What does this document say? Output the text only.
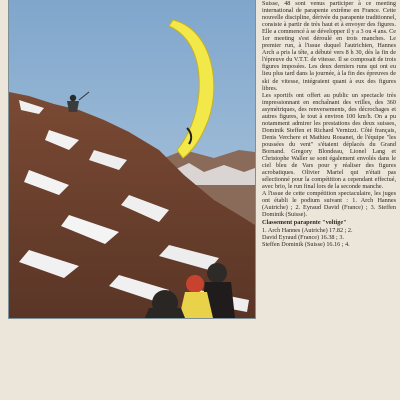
Suisse, 48 sont venus participer à ce meeting international de parapente extrême en France. Cette nouvelle discipline, dérivée du parapente traditionnel, consiste à partir de très haut et à envoyer des figures. Elle a commencé à se développer il y a 3 ou 4 ans. Ce 1er meeting s'est déroulé en trois manches. Le premier run, à l'issue duquel l'autrichien, Hannes Arch a pris la tête, a débuté vers 8 h 30, dès la fin de l'épreuve du V.T.T. de vitesse. Il se composait de trois figures imposées. Les deux derniers runs qui ont eu lieu plus tard dans la journée, à la fin des épreuves de ski de vitesse, intégraient quant à eux des figures libres.

Les sportifs ont offert au public un spectacle très impressionnant en enchaînant des vrilles, des 360 asymétriques, des renversements, des décrochages et autres figures, le tout à environ 100 km/h. On a pu notamment admirer les prestations des deux suisses, Dominik Steffen et Richard Vernizzi. Côté français, Denis Verchere et Mathieu Rouanet, de l'équipe "les poussées du vent" s'étaient déplacés du Grand Bornand. Gregory Blondeau, Lionel Lang et Christophe Waller se sont également envolés dans le ciel bleu de Vars pour y réaliser des figures acrobatiques. Olivier Martel qui n'était pas sélectionné pour la compétition a cependant effectué, avec brio, le run final lors de la seconde manche.

A l'issue de cette compétition spectaculaire, les juges ont établi le podium suivant : 1. Arch Hannes (Autriche) ; 2. Eyraud David (France) ; 3. Steffen Dominik (Suisse).

Classement parapente "voltige"

1. Arch Hannes (Autriche) 17.82 ; 2.

David Eyraud (France) 16.38 ; 3.

Steffen Dominik (Suisse) 16.16 ; 4.
